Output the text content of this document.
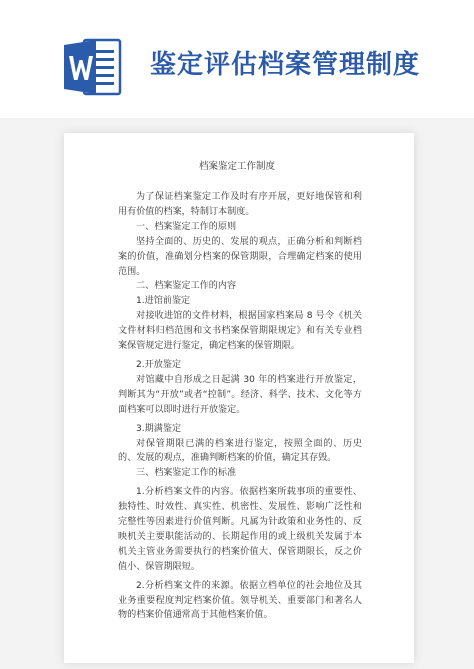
鉴定评估档案管理制度
档案鉴定工作制度

为了保证档案鉴定工作及时有序开展，更好地保管和利用有价值的档案，特制订本制度。

一、档案鉴定工作的原则

坚持全面的、历史的、发展的观点，正确分析和判断档案的价值，准确划分档案的保管期限，合理确定档案的使用范围。

二、档案鉴定工作的内容

1.进馆前鉴定

对接收进馆的文件材料，根据国家档案局 8 号令《机关文件材料归档范围和文书档案保管期限规定》和有关专业档案保管规定进行鉴定，确定档案的保管期限。

2.开放鉴定

对馆藏中自形成之日起满 30 年的档案进行开放鉴定，判断其为“开放”或者“控制”。经济、科学、技术、文化等方面档案可以即时进行开放鉴定。

3.期满鉴定

对保管期限已满的档案进行鉴定，按照全面的、历史的、发展的观点，准确判断档案的价值，确定其存毁。

三、档案鉴定工作的标准

1.分析档案文件的内容。依据档案所载事项的重要性、独特性、时效性、真实性、机密性、发展性、影响广泛性和完整性等因素进行价值判断。凡属为针政策和业务性的、反映机关主要职能活动的、长期起作用的或上级机关发属于本机关主管业务需要执行的档案价值大、保管期限长，反之价值小、保管期限短。

2.分析档案文件的来源。依据立档单位的社会地位及其业务重要程度判定档案价值。领导机关、重要部门和著名人物的档案价值通常高于其他档案价值。
